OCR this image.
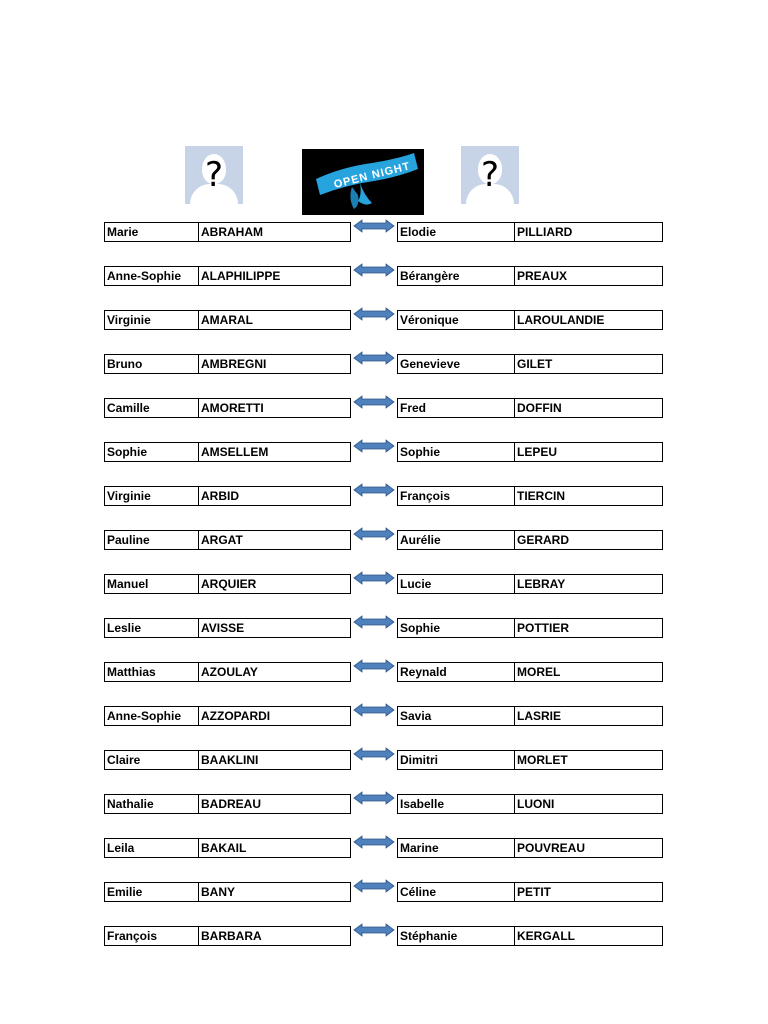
?	OPEN NIGHT	?
Marie	ABRAHAM	Elodie	PILLIARD
Anne-Sophie	ALAPHILIPPE	Bérangère	PREAUX
Virginie	AMARAL	Véronique	LAROULANDIE
Bruno	AMBREGNI	Genevieve	GILET
Camille	AMORETTI	Fred	DOFFIN
Sophie	AMSELLEM	Sophie	LEPEU
Virginie	ARBID	François	TIERCIN
Pauline	ARGAT	Aurélie	GERARD
Manuel	ARQUIER	Lucie	LEBRAY
Leslie	AVISSE	Sophie	POTTIER
Matthias	AZOULAY	Reynald	MOREL
Anne-Sophie	AZZOPARDI	Savia	LASRIE
Claire	BAAKLINI	Dimitri	MORLET
Nathalie	BADREAU	Isabelle	LUONI
Leila	BAKAIL	Marine	POUVREAU
Emilie	BANY	Céline	PETIT
François	BARBARA	Stéphanie	KERGALL
